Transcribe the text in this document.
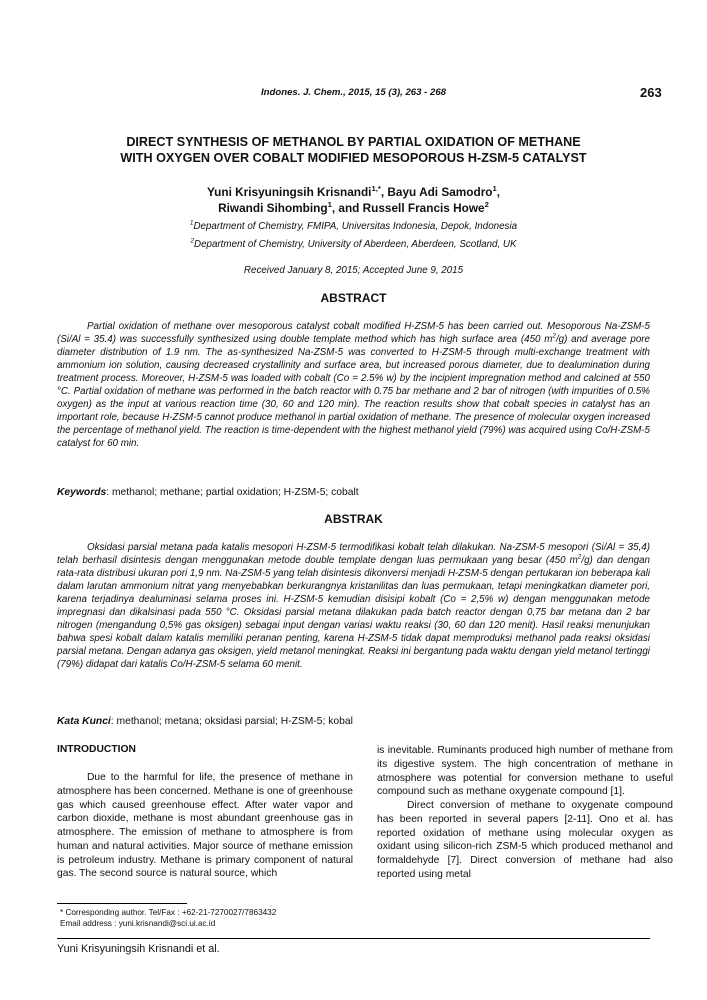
Indones. J. Chem., 2015, 15 (3), 263 - 268	263
DIRECT SYNTHESIS OF METHANOL BY PARTIAL OXIDATION OF METHANE
WITH OXYGEN OVER COBALT MODIFIED MESOPOROUS H-ZSM-5 CATALYST
Yuni Krisyuningsih Krisnandi$^{1,*}$, Bayu Adi Samodro$^1$,
Riwandi Sihombing$^1$, and Russell Francis Howe$^2$
$^1$Department of Chemistry, FMIPA, Universitas Indonesia, Depok, Indonesia
$^2$Department of Chemistry, University of Aberdeen, Aberdeen, Scotland, UK
Received January 8, 2015; Accepted June 9, 2015
ABSTRACT
Partial oxidation of methane over mesoporous catalyst cobalt modified H-ZSM-5 has been carried out. Mesoporous Na-ZSM-5 (Si/Al = 35.4) was successfully synthesized using double template method which has high surface area (450 $m^2/g$) and average pore diameter distribution of 1.9 nm. The as-synthesized Na-ZSM-5 was converted to H-ZSM-5 through multi-exchange treatment with ammonium ion solution, causing decreased crystallinity and surface area, but increased porous diameter, due to dealumination during treatment process. Moreover, H-ZSM-5 was loaded with cobalt (Co = 2.5% w) by the incipient impregnation method and calcined at 550 °C. Partial oxidation of methane was performed in the batch reactor with 0.75 bar methane and 2 bar of nitrogen (with impurities of 0.5% oxygen) as the input at various reaction time (30, 60 and 120 min). The reaction results show that cobalt species in catalyst has an important role, because H-ZSM-5 cannot produce methanol in partial oxidation of methane. The presence of molecular oxygen increased the percentage of methanol yield. The reaction is time-dependent with the highest methanol yield (79%) was acquired using Co/H-ZSM-5 catalyst for 60 min.
Keywords: methanol; methane; partial oxidation; H-ZSM-5; cobalt
ABSTRAK
Oksidasi parsial metana pada katalis mesopori H-ZSM-5 termodifikasi kobalt telah dilakukan. Na-ZSM-5 mesopori (Si/Al = 35,4) telah berhasil disintesis dengan menggunakan metode double template dengan luas permukaan yang besar (450 $m^2/g$) dan dengan rata-rata distribusi ukuran pori 1,9 nm. Na-ZSM-5 yang telah disintesis dikonversi menjadi H-ZSM-5 dengan pertukaran ion beberapa kali dalam larutan ammonium nitrat yang menyebabkan berkurangnya kristanilitas dan luas permukaan, tetapi meningkatkan diameter pori, karena terjadinya dealuminasi selama proses ini. H-ZSM-5 kemudian disisipi kobalt (Co = 2,5% w) dengan menggunakan metode impregnasi dan dikalsinasi pada 550 °C. Oksidasi parsial metana dilakukan pada batch reactor dengan 0,75 bar metana dan 2 bar nitrogen (mengandung 0,5% gas oksigen) sebagai input dengan variasi waktu reaksi (30, 60 dan 120 menit). Hasil reaksi menunjukan bahwa spesi kobalt dalam katalis memiliki peranan penting, karena H-ZSM-5 tidak dapat memproduksi methanol pada reaksi oksidasi parsial metana. Dengan adanya gas oksigen, yield metanol meningkat. Reaksi ini bergantung pada waktu dengan yield metanol tertinggi (79%) didapat dari katalis Co/H-ZSM-5 selama 60 menit.
Kata Kunci: methanol; metana; oksidasi parsial; H-ZSM-5; kobal
INTRODUCTION

Due to the harmful for life, the presence of methane in atmosphere has been concerned. Methane is one of greenhouse gas which caused greenhouse effect. After water vapor and carbon dioxide, methane is most abundant greenhouse gas in atmosphere. The emission of methane to atmosphere is from human and natural activities. Major source of methane emission is petroleum industry. Methane is primary component of natural gas. The second source is natural source, which

is inevitable. Ruminants produced high number of methane from its digestive system. The high concentration of methane in atmosphere was potential for conversion methane to useful compound such as methane oxygenate compound [1].

Direct conversion of methane to oxygenate compound has been reported in several papers [2-11]. Ono et al. has reported oxidation of methane using molecular oxygen as oxidant using silicon-rich ZSM-5 which produced methanol and formaldehyde [7]. Direct conversion of methane had also reported using metal

* Corresponding author. Tel/Fax : +62-21-7270027/7863432
Email address : yuni.krisnandi@sci.ui.ac.id
Yuni Krisyuningsih Krisnandi et al.
